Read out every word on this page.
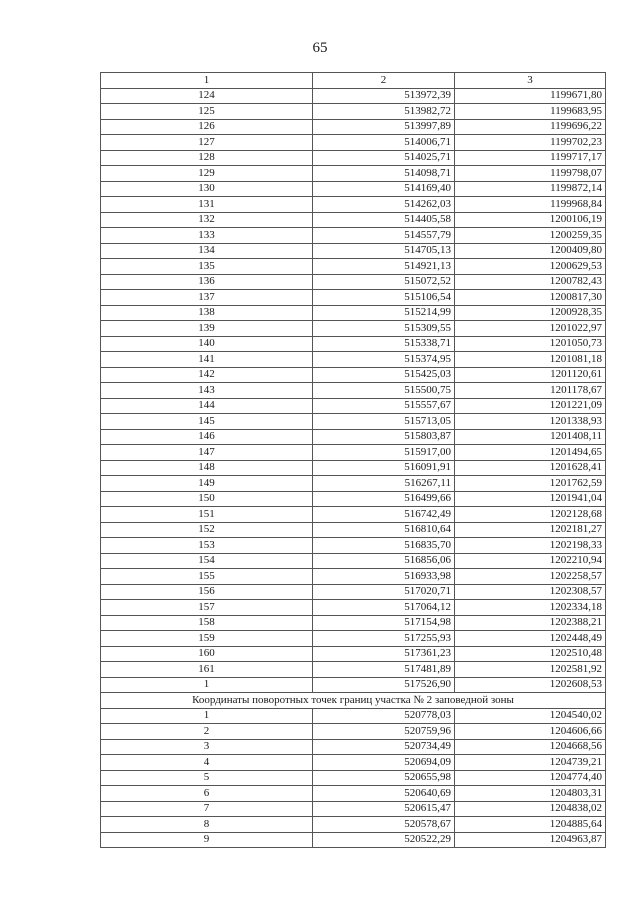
65
1	2	3
124	513972,39	1199671,80
125	513982,72	1199683,95
126	513997,89	1199696,22
127	514006,71	1199702,23
128	514025,71	1199717,17
129	514098,71	1199798,07
130	514169,40	1199872,14
131	514262,03	1199968,84
132	514405,58	1200106,19
133	514557,79	1200259,35
134	514705,13	1200409,80
135	514921,13	1200629,53
136	515072,52	1200782,43
137	515106,54	1200817,30
138	515214,99	1200928,35
139	515309,55	1201022,97
140	515338,71	1201050,73
141	515374,95	1201081,18
142	515425,03	1201120,61
143	515500,75	1201178,67
144	515557,67	1201221,09
145	515713,05	1201338,93
146	515803,87	1201408,11
147	515917,00	1201494,65
148	516091,91	1201628,41
149	516267,11	1201762,59
150	516499,66	1201941,04
151	516742,49	1202128,68
152	516810,64	1202181,27
153	516835,70	1202198,33
154	516856,06	1202210,94
155	516933,98	1202258,57
156	517020,71	1202308,57
157	517064,12	1202334,18
158	517154,98	1202388,21
159	517255,93	1202448,49
160	517361,23	1202510,48
161	517481,89	1202581,92
1	517526,90	1202608,53
Координаты поворотных точек границ участка № 2 заповедной зоны		
1	520778,03	1204540,02
2	520759,96	1204606,66
3	520734,49	1204668,56
4	520694,09	1204739,21
5	520655,98	1204774,40
6	520640,69	1204803,31
7	520615,47	1204838,02
8	520578,67	1204885,64
9	520522,29	1204963,87
